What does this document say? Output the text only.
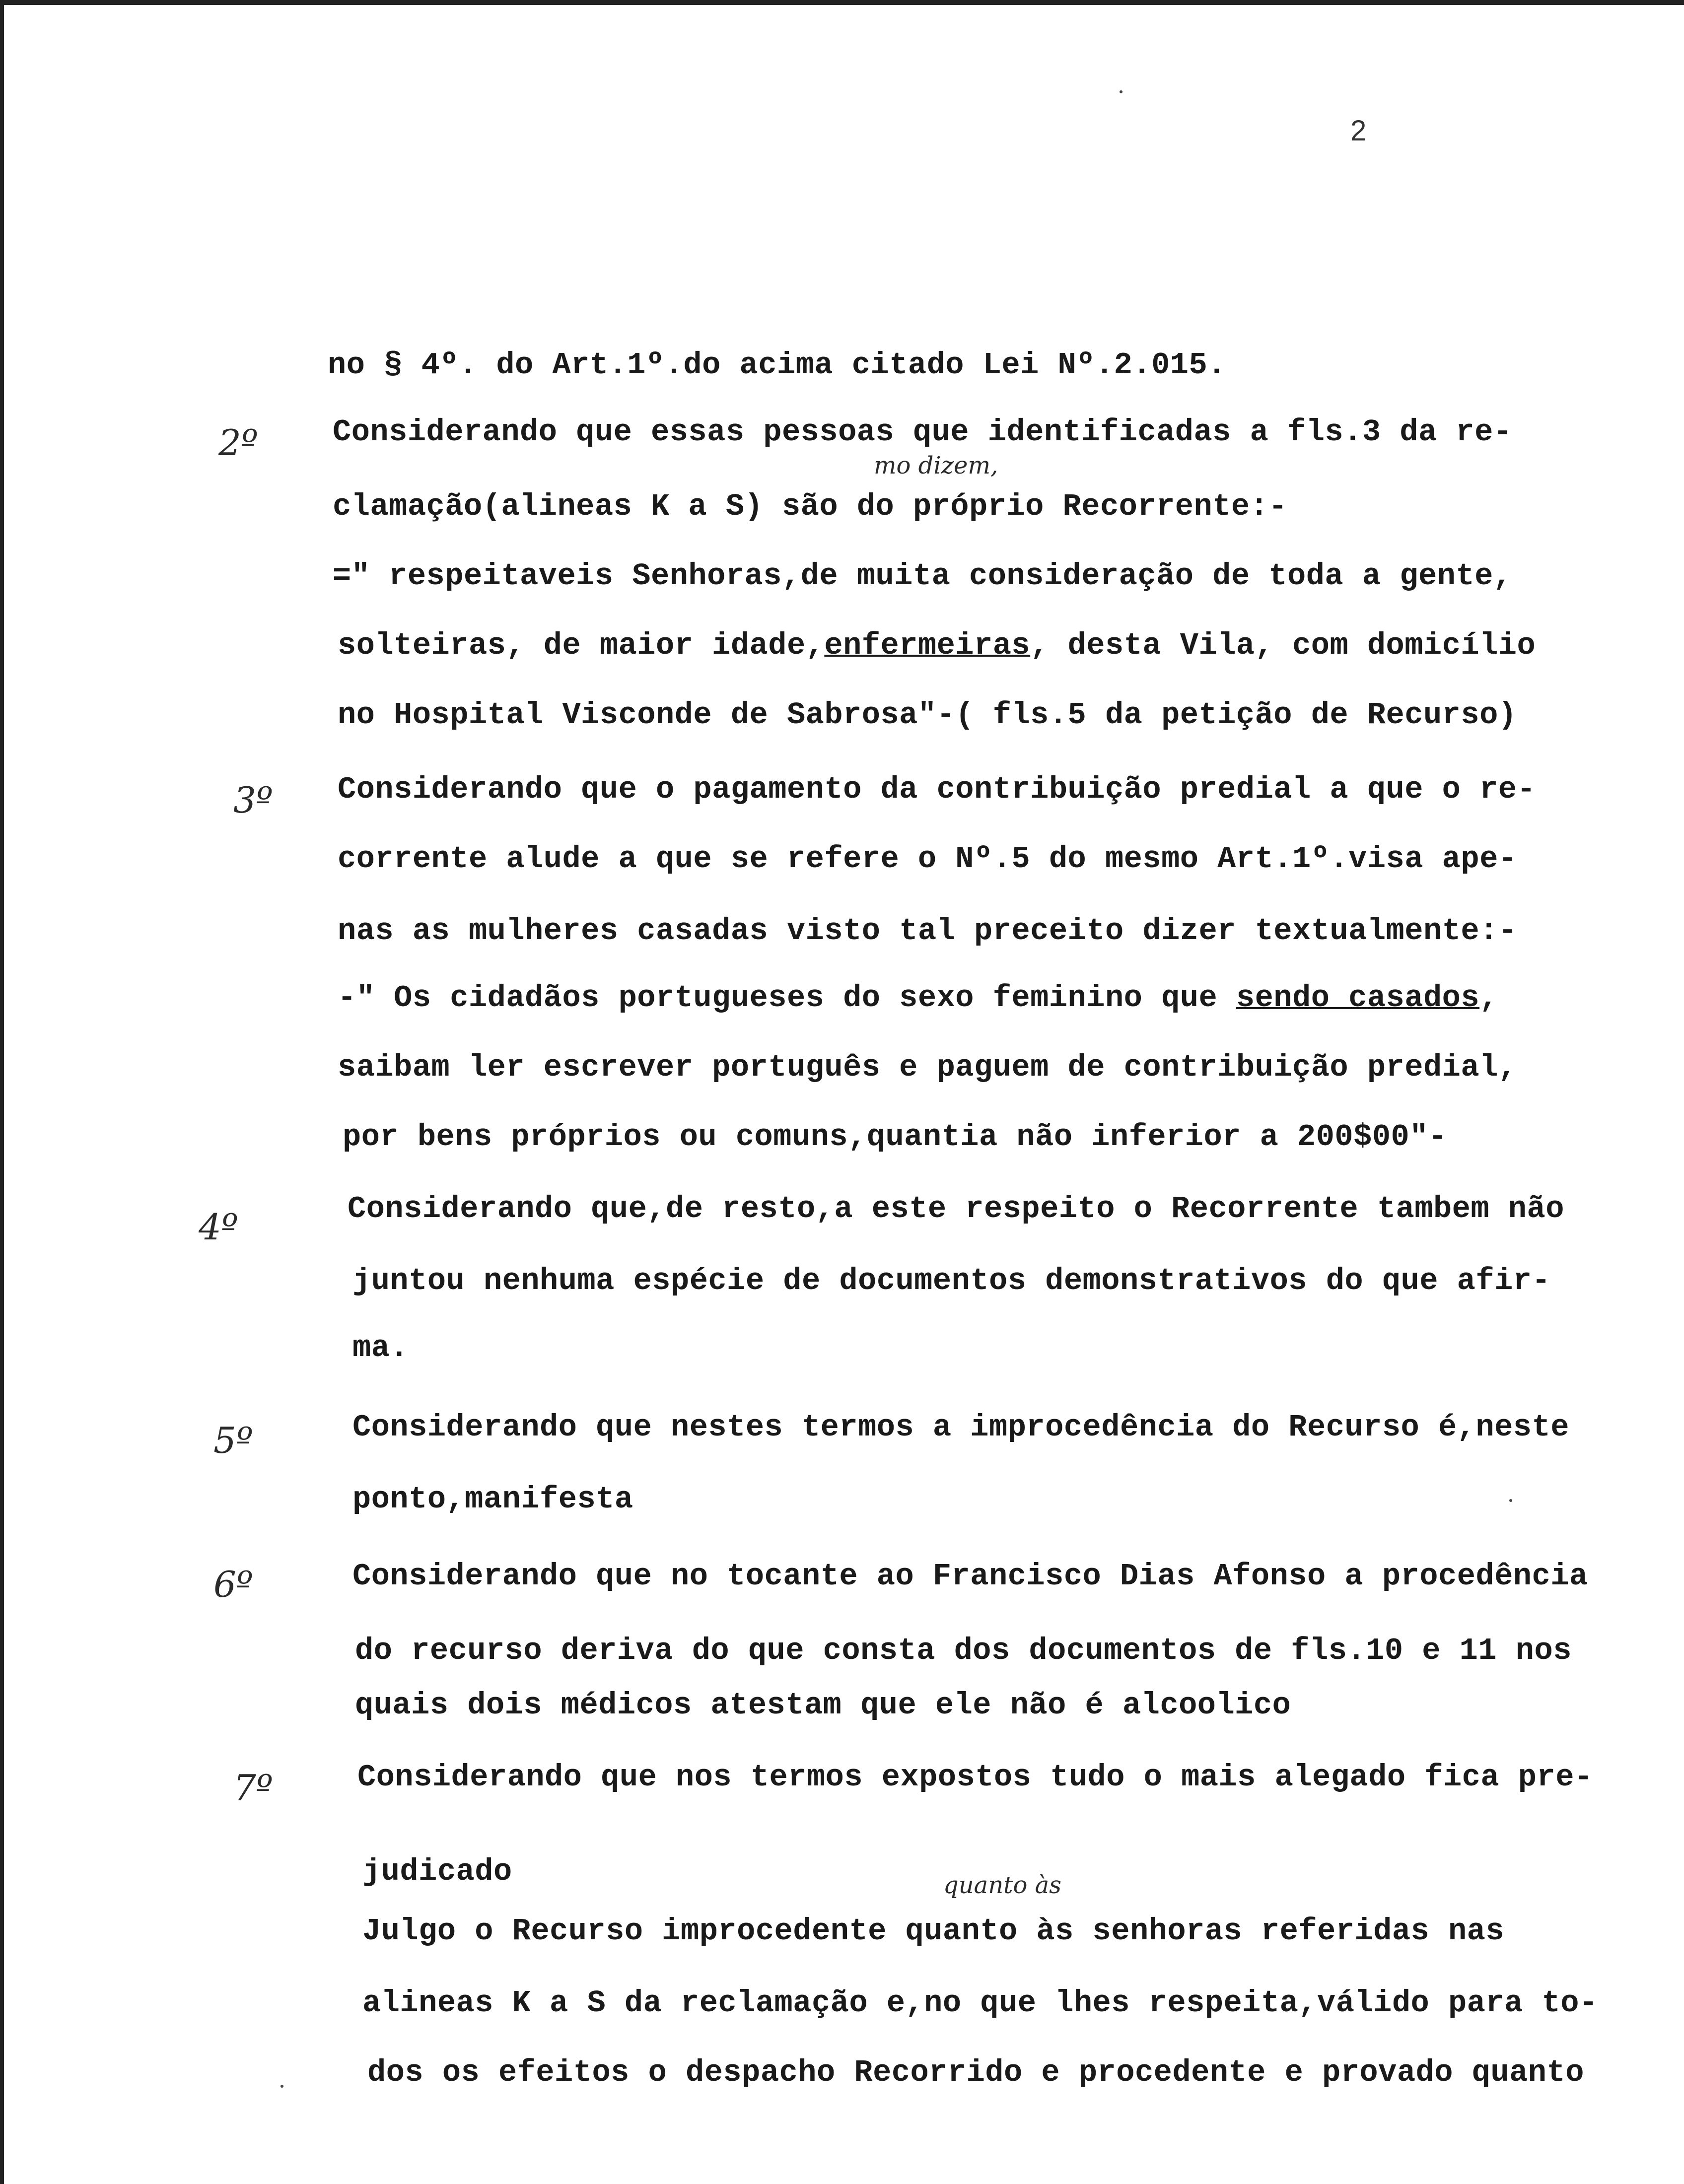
2
2º
3º
4º
5º
6º
7º
mo dizem,
quanto às
no § 4º. do Art.1º.do acima citado Lei Nº.2.015.
Considerando que essas pessoas que identificadas a fls.3 da re-
clamação(alineas K a S) são do próprio Recorrente:-
=" respeitaveis Senhoras,de muita consideração de toda a gente,
solteiras, de maior idade,enfermeiras, desta Vila, com domicílio
no Hospital Visconde de Sabrosa"-( fls.5 da petição de Recurso)
Considerando que o pagamento da contribuição predial a que o re-
corrente alude a que se refere o Nº.5 do mesmo Art.1º.visa ape-
nas as mulheres casadas visto tal preceito dizer textualmente:-
-" Os cidadãos portugueses do sexo feminino que sendo casados,
saibam ler escrever português e paguem de contribuição predial,
por bens próprios ou comuns,quantia não inferior a 200$00"-
Considerando que,de resto,a este respeito o Recorrente tambem não
juntou nenhuma espécie de documentos demonstrativos do que afir-
ma.
Considerando que nestes termos a improcedência do Recurso é,neste
ponto,manifesta
Considerando que no tocante ao Francisco Dias Afonso a procedência
do recurso deriva do que consta dos documentos de fls.10 e 11 nos
quais dois médicos atestam que ele não é alcoolico
Considerando que nos termos expostos tudo o mais alegado fica pre-
judicado
Julgo o Recurso improcedente quanto às senhoras referidas nas
alineas K a S da reclamação e,no que lhes respeita,válido para to-
dos os efeitos o despacho Recorrido e procedente e provado quanto
